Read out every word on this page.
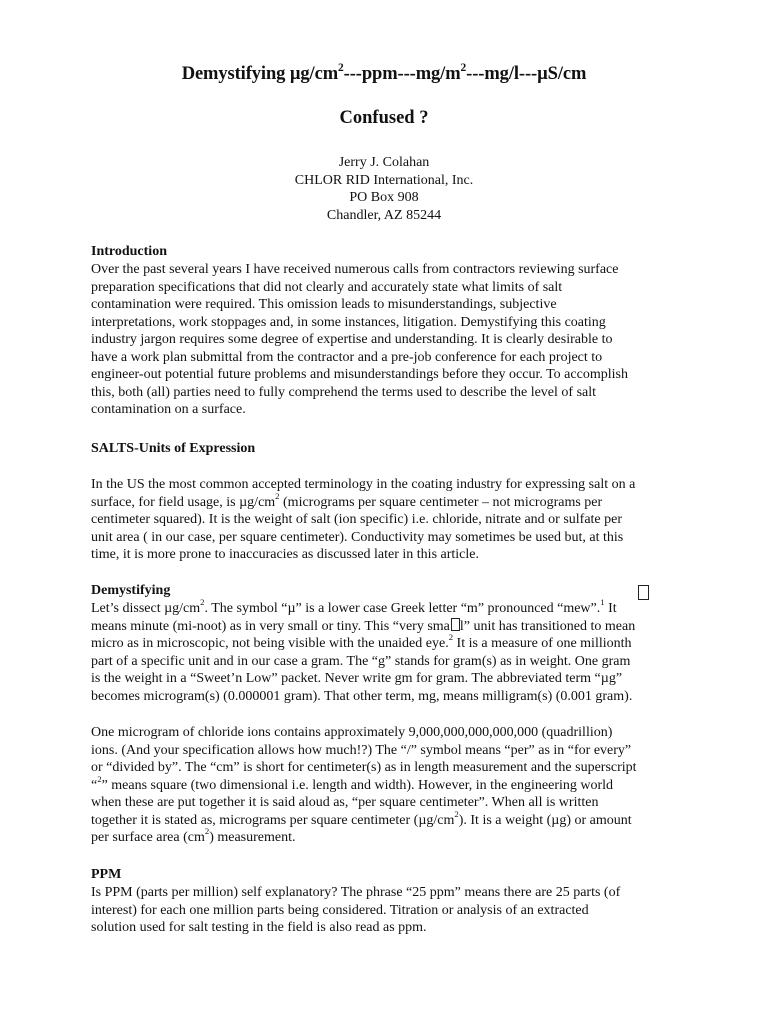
Demystifying $\mu g/cm^2---ppm---mg/m^2---mg/l---\mu S/cm$
Confused ?
Jerry J. Colahan
CHLOR RID International, Inc.
PO Box 908
Chandler, AZ 85244
Introduction
Over the past several years I have received numerous calls from contractors reviewing surface
preparation specifications that did not clearly and accurately state what limits of salt
contamination were required. This omission leads to misunderstandings, subjective
interpretations, work stoppages and, in some instances, litigation. Demystifying this coating
industry jargon requires some degree of expertise and understanding. It is clearly desirable to
have a work plan submittal from the contractor and a pre-job conference for each project to
engineer-out potential future problems and misunderstandings before they occur. To accomplish
this, both (all) parties need to fully comprehend the terms used to describe the level of salt
contamination on a surface.
SALTS-Units of Expression
In the US the most common accepted terminology in the coating industry for expressing salt on a
surface, for field usage, is $\mu g/cm^2$ (micrograms per square centimeter – not micrograms per
centimeter squared). It is the weight of salt (ion specific) i.e. chloride, nitrate and or sulfate per
unit area ( in our case, per square centimeter). Conductivity may sometimes be used but, at this
time, it is more prone to inaccuracies as discussed later in this article.
Demystifying
Let’s dissect $\mu g/cm^2$. The symbol “µ” is a lower case Greek letter “m” pronounced “mew”.$^1$ It
means minute (mi-noot) as in very small or tiny. This “very sma l” unit has transitioned to mean
micro as in microscopic, not being visible with the unaided eye.$^2$ It is a measure of one millionth
part of a specific unit and in our case a gram. The “g” stands for gram(s) as in weight. One gram
is the weight in a “Sweet’n Low” packet. Never write gm for gram. The abbreviated term “µg”
becomes microgram(s) (0.000001 gram). That other term, mg, means milligram(s) (0.001 gram).
One microgram of chloride ions contains approximately 9,000,000,000,000,000 (quadrillion)
ions. (And your specification allows how much!?) The “/” symbol means “per” as in “for every”
or “divided by”. The “cm” is short for centimeter(s) as in length measurement and the superscript
“$^2$” means square (two dimensional i.e. length and width). However, in the engineering world
when these are put together it is said aloud as, “per square centimeter”. When all is written
together it is stated as, micrograms per square centimeter $(\mu g/cm^2)$. It is a weight (µg) or amount
per surface area $(cm^2)$ measurement.
PPM
Is PPM (parts per million) self explanatory? The phrase “25 ppm” means there are 25 parts (of
interest) for each one million parts being considered. Titration or analysis of an extracted
solution used for salt testing in the field is also read as ppm.
